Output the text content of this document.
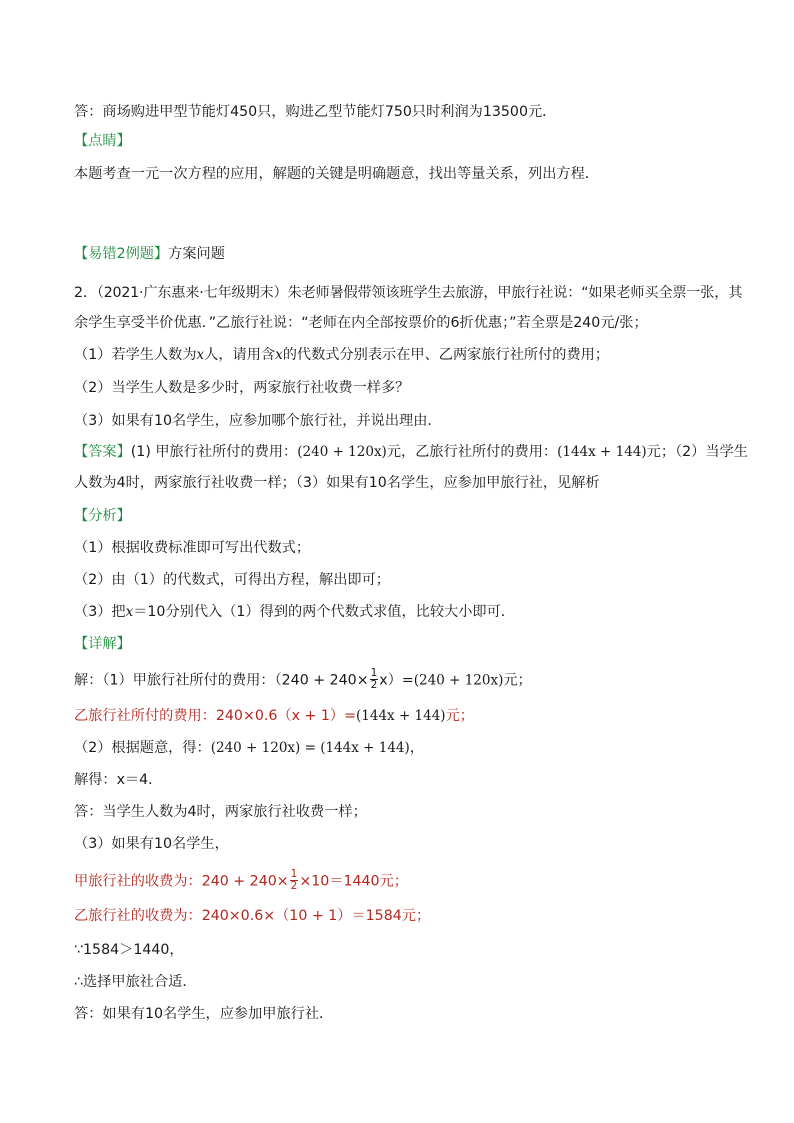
答：商场购进甲型节能灯450只，购进乙型节能灯750只时利润为13500元．
【点睛】
本题考查一元一次方程的应用，解题的关键是明确题意，找出等量关系，列出方程．
【易错2例题】方案问题
2．（2021·广东惠来·七年级期末）朱老师暑假带领该班学生去旅游，甲旅行社说：“如果老师买全票一张，其
余学生享受半价优惠．”乙旅行社说：“老师在内全部按票价的6折优惠；”若全票是240元/张；
（1）若学生人数为x人，请用含x的代数式分别表示在甲、乙两家旅行社所付的费用；
（2）当学生人数是多少时，两家旅行社收费一样多？
（3）如果有10名学生，应参加哪个旅行社，并说出理由．
【答案】(1) 甲旅行社所付的费用：(240 + 120x)元，乙旅行社所付的费用：(144x + 144)元；（2）当学生
人数为4时，两家旅行社收费一样；（3）如果有10名学生，应参加甲旅行社，见解析
【分析】
（1）根据收费标准即可写出代数式；
（2）由（1）的代数式，可得出方程，解出即可；
（3）把x＝10分别代入（1）得到的两个代数式求值，比较大小即可．
【详解】
解：（1）甲旅行社所付的费用：$(240 + 240\times \frac{1}{2} x)=(240 + 120x)$元；
乙旅行社所付的费用：240×0.6（x + 1）=(144x + 144)元；
（2）根据题意，得：(240 + 120x) = (144x + 144)，
解得：x＝4．
答：当学生人数为4时，两家旅行社收费一样；
（3）如果有10名学生，
甲旅行社的收费为：$240 + 240\times \frac{1}{2} \times 10=1440$元；
乙旅行社的收费为：240×0.6×（10 + 1）＝1584元；
∵1584＞1440，
∴选择甲旅社合适．
答：如果有10名学生，应参加甲旅行社．
